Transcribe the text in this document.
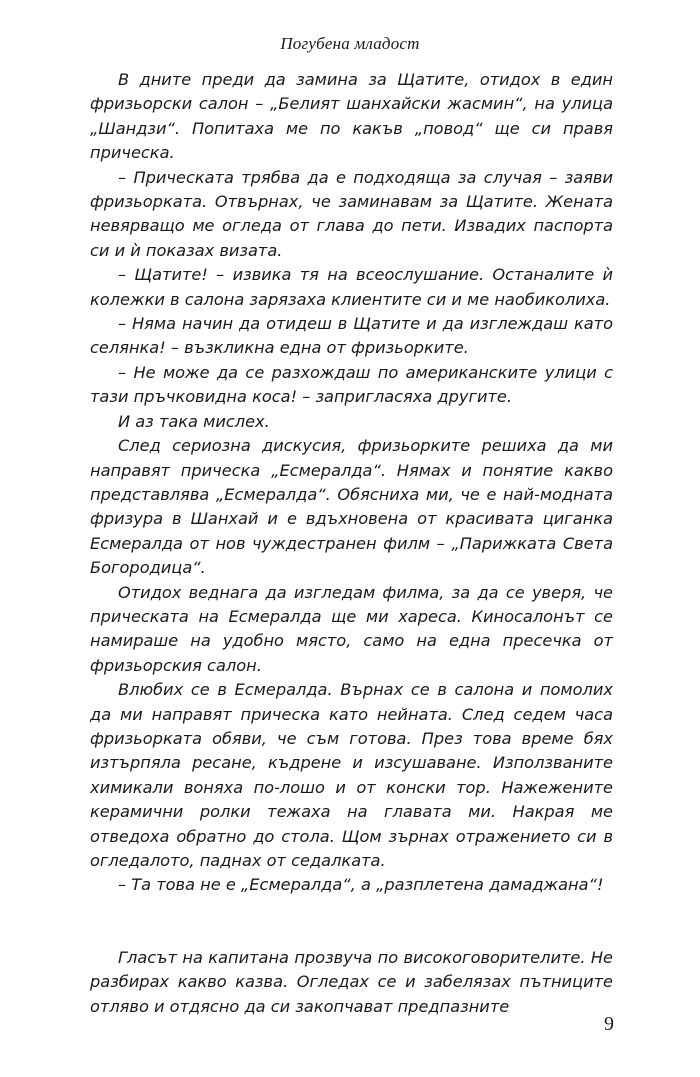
Погубена младост

В дните преди да замина за Щатите, отидох в един фризьорски салон – „Белият шанхайски жасмин“, на улица „Шандзи“. Попитаха ме по какъв „повод“ ще си правя прическа.

– Прическата трябва да е подходяща за случая – заяви фризьорката. Отвърнах, че заминавам за Щатите. Жената невярващо ме огледа от глава до пети. Извадих паспорта си и ѝ показах визата.

– Щатите! – извика тя на всеослушание. Останалите ѝ колежки в салона зарязаха клиентите си и ме наобиколиха.

– Няма начин да отидеш в Щатите и да изглеждаш като селянка! – възкликна една от фризьорките.

– Не може да се разхождаш по американските улици с тази пръчковидна коса! – запригласяха другите.

И аз така мислех.

След сериозна дискусия, фризьорките решиха да ми направят прическа „Есмералда“. Нямах и понятие какво представлява „Есмералда“. Обясниха ми, че е най-модната фризура в Шанхай и е вдъхновена от красивата циганка Есмералда от нов чуждестранен филм – „Парижката Света Богородица“.

Отидох веднага да изгледам филма, за да се уверя, че прическата на Есмералда ще ми хареса. Киносалонът се намираше на удобно място, само на една пресечка от фризьорския салон.

Влюбих се в Есмералда. Върнах се в салона и помолих да ми направят прическа като нейната. След седем часа фризьорката обяви, че съм готова. През това време бях изтърпяла ресане, къдрене и изсушаване. Използваните химикали воняха по-лошо и от конски тор. Нажежените керамични ролки тежаха на главата ми. Накрая ме отведоха обратно до стола. Щом зърнах отражението си в огледалото, паднах от седалката.

– Та това не е „Есмералда“, а „разплетена дамаджана“!

Гласът на капитана прозвуча по високоговорителите. Не разбирах какво казва. Огледах се и забелязах пътниците отляво и отдясно да си закопчават предпазните

9
